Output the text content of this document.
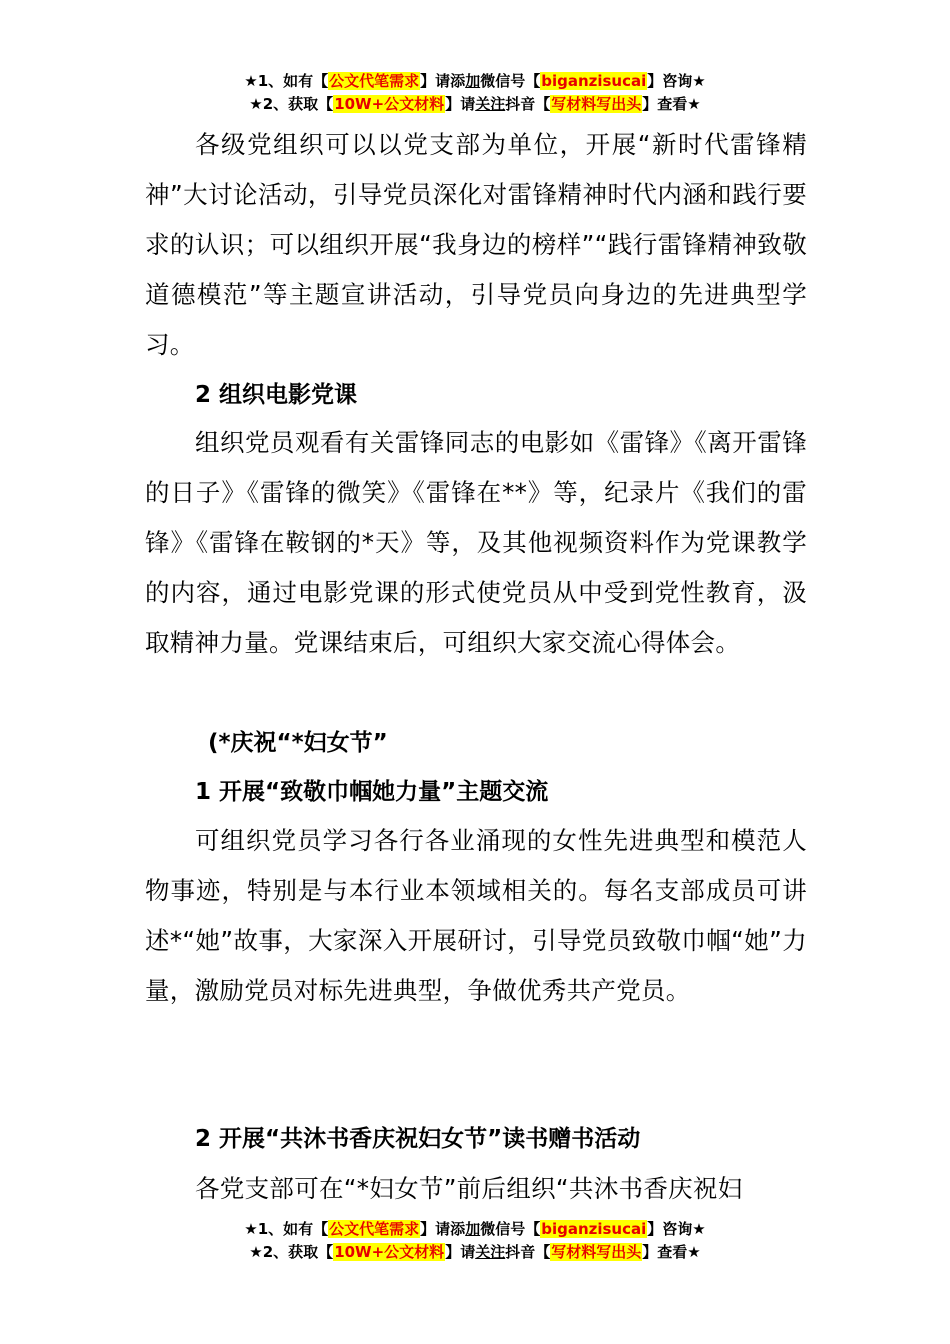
★1、如有【公文代笔需求】请添加微信号【biganzisucai】咨询★
★2、获取【10W+公文材料】请关注抖音【写材料写出头】查看★

各级党组织可以以党支部为单位，开展“新时代雷锋精神”大讨论活动，引导党员深化对雷锋精神时代内涵和践行要求的认识；可以组织开展“我身边的榜样”“践行雷锋精神致敬道德模范”等主题宣讲活动，引导党员向身边的先进典型学习。

2 组织电影党课

组织党员观看有关雷锋同志的电影如《雷锋》《离开雷锋的日子》《雷锋的微笑》《雷锋在**》等，纪录片《我们的雷锋》《雷锋在鞍钢的*天》等，及其他视频资料作为党课教学的内容，通过电影党课的形式使党员从中受到党性教育，汲取精神力量。党课结束后，可组织大家交流心得体会。

(*庆祝“*妇女节”
1 开展“致敬巾帼她力量”主题交流

可组织党员学习各行各业涌现的女性先进典型和模范人物事迹，特别是与本行业本领域相关的。每名支部成员可讲述*“她”故事，大家深入开展研讨，引导党员致敬巾帼“她”力量，激励党员对标先进典型，争做优秀共产党员。

2 开展“共沐书香庆祝妇女节”读书赠书活动

各党支部可在“*妇女节”前后组织“共沐书香庆祝妇

★1、如有【公文代笔需求】请添加微信号【biganzisucai】咨询★
★2、获取【10W+公文材料】请关注抖音【写材料写出头】查看★
